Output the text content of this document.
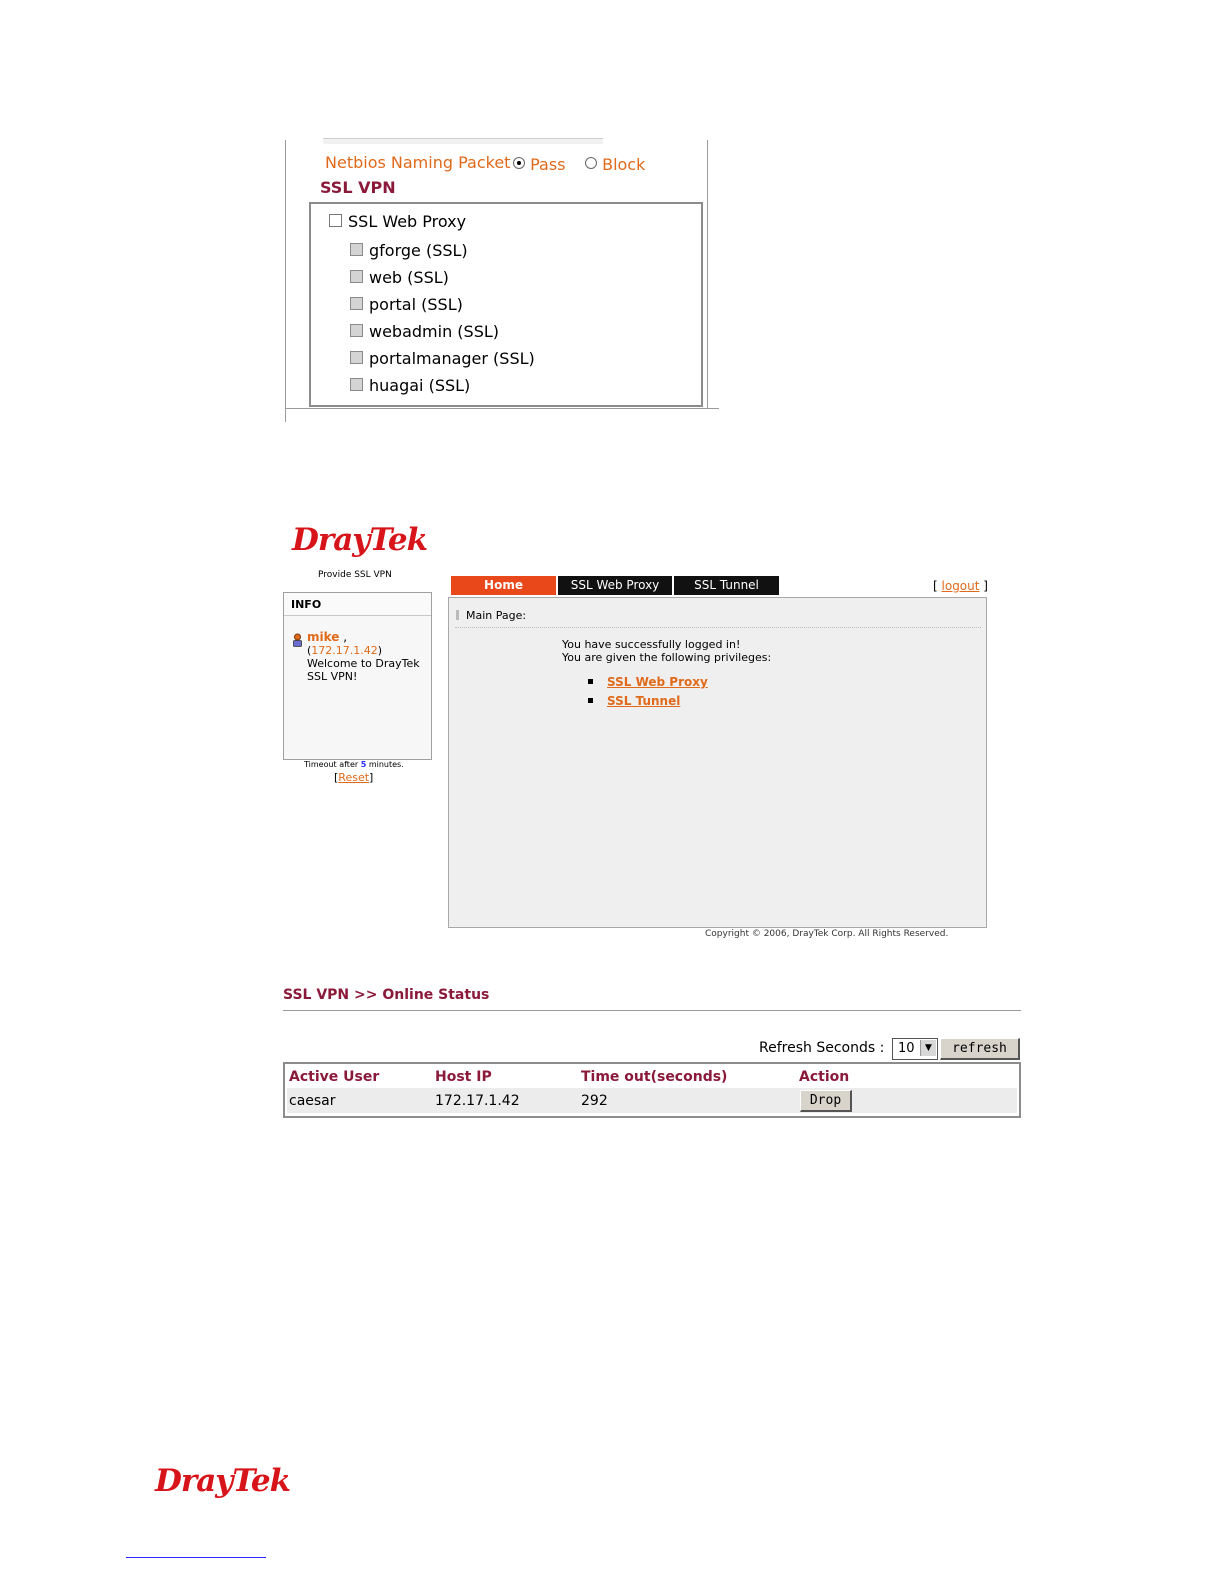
Netbios Naming Packet	Pass	Block
SSL VPN
SSL Web Proxy
gforge (SSL)
web (SSL)
portal (SSL)
webadmin (SSL)
portalmanager (SSL)
huagai (SSL)
DrayTek
Provide SSL VPN
Home	SSL Web Proxy	SSL Tunnel	[ logout ]
INFO
mike ,
(172.17.1.42)
Welcome to DrayTek
SSL VPN!
Timeout after 5 minutes.
[Reset]
Main Page:
You have successfully logged in!
You are given the following privileges:
SSL Web Proxy
SSL Tunnel
Copyright © 2006, DrayTek Corp. All Rights Reserved.
SSL VPN >> Online Status
Refresh Seconds : 10	▼	refresh
Active User	Host IP	Time out(seconds)	Action
caesar	172.17.1.42	292	Drop
DrayTek
